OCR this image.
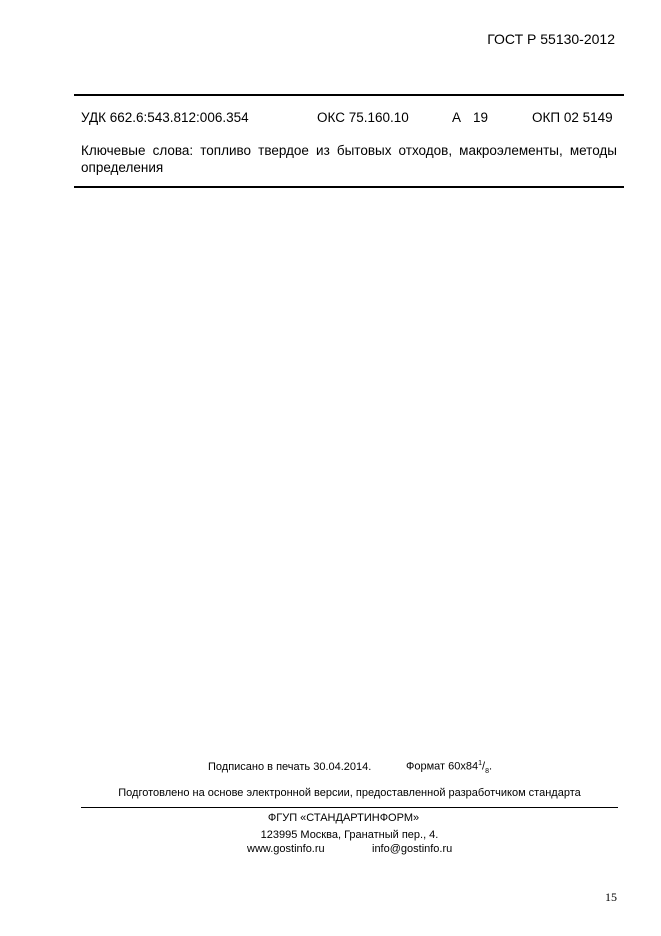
ГОСТ Р 55130-2012
УДК 662.6:543.812:006.354	ОКС 75.160.10	А 19	ОКП 02 5149
Ключевые слова: топливо твердое из бытовых отходов, макроэлементы, методы определения
Подписано в печать 30.04.2014.	Формат $60x84^1/_8$.
Подготовлено на основе электронной версии, предоставленной разработчиком стандарта
ФГУП «СТАНДАРТИНФОРМ»
123995 Москва, Гранатный пер., 4.
www.gostinfo.ru	info@gostinfo.ru
15
